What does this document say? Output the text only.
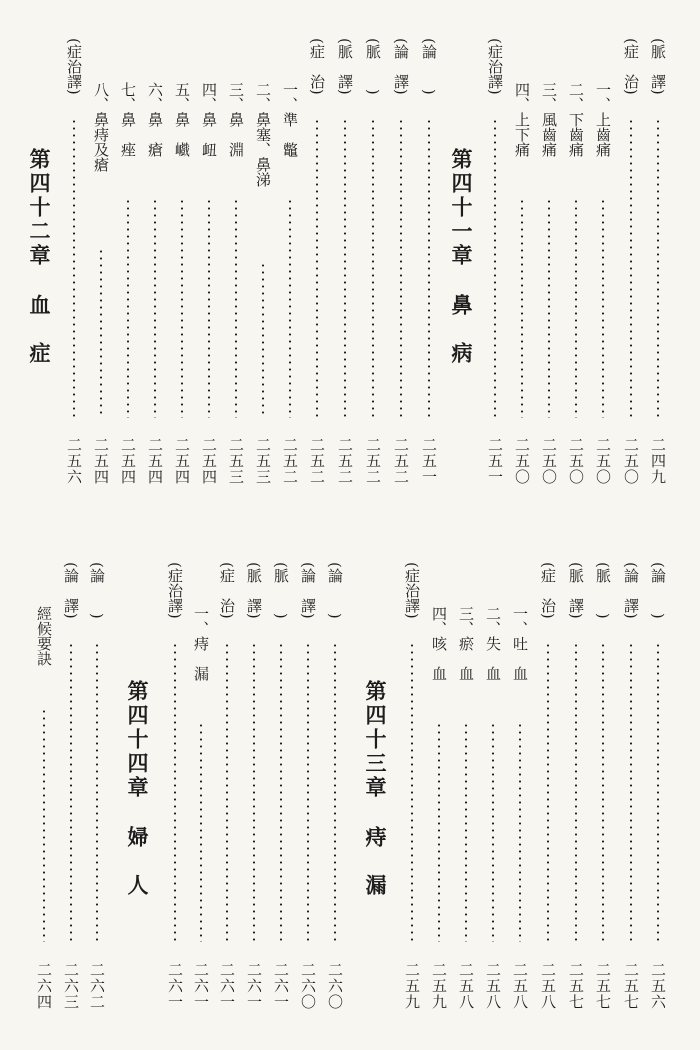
(脈　譯)
二四九
(症　治)
二五〇
一、上齒痛
二五〇
二、下齒痛
二五〇
三、風齒痛
二五〇
四、上下痛
二五〇
(症治譯)
二五一
第四十一章鼻　病
(論　　)
二五一
(論　譯)
二五二
(脈　　)
二五二
(脈　譯)
二五二
(症　治)
二五二
一、準　鼈
二五二
二、鼻塞、鼻涕
二五三
三、鼻　淵
二五三
四、鼻　衄
二五四
五、鼻　巇
二五四
六、鼻　瘡
二五四
七、鼻　痤
二五四
八、鼻痔及瘡
二五四
(症治譯)
二五六
第四十二章血　症
(論　　)
二五六
(論　譯)
二五七
(脈　　)
二五七
(脈　譯)
二五七
(症　治)
二五八
一、吐　血
二五八
二、失　血
二五八
三、瘀　血
二五八
四、咳　血
二五九
(症治譯)
二五九
第四十三章痔　漏
(論　　)
二六〇
(論　譯)
二六〇
(脈　　)
二六一
(脈　譯)
二六一
(症　治)
二六一
一、痔　漏
二六一
(症治譯)
二六一
第四十四章婦　人
(論　　)
二六二
(論　譯)
二六三
經候要訣
二六四
